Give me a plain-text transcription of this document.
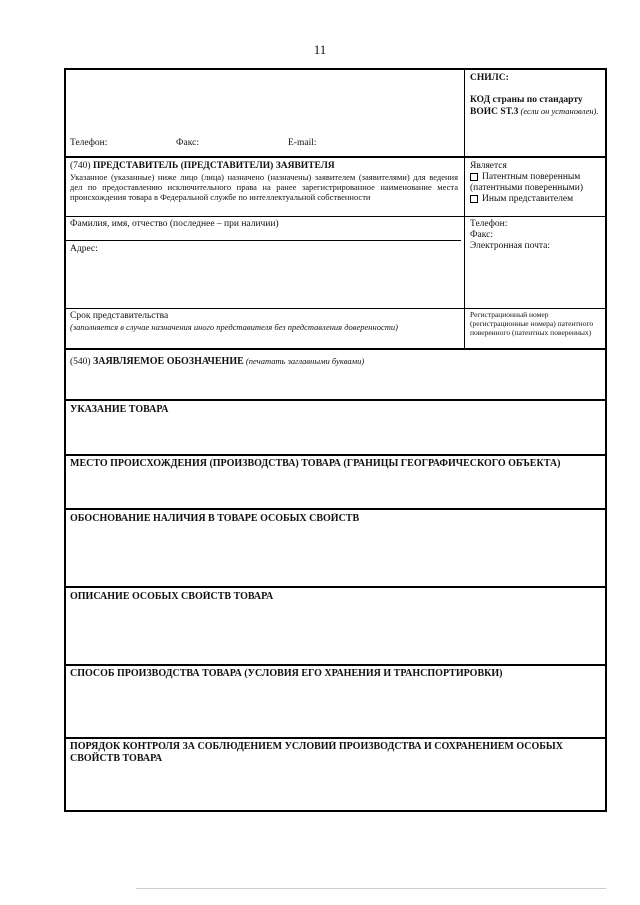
11
СНИЛС:
КОД страны по стандарту
ВОИС ST.3 (если он установлен).
Телефон:	Факс:	E-mail:
(740) ПРЕДСТАВИТЕЛЬ (ПРЕДСТАВИТЕЛИ) ЗАЯВИТЕЛЯ
Указанное (указанные) ниже лицо (лица) назначено (назначены) заявителем (заявителями) для ведения дел по предоставлению исключительного права на ранее зарегистрированное наименование места происхождения товара в Федеральной службе по интеллектуальной собственности
Является
Патентным поверенным (патентными поверенными)
Иным представителем
Фамилия, имя, отчество (последнее – при наличии)	Телефон:
Факс:
Электронная почта:
Адрес:
Срок представительства
(заполняется в случае назначения иного представителя без представления доверенности)
Регистрационный номер (регистрационные номера) патентного поверенного (патентных поверенных)
(540) ЗАЯВЛЯЕМОЕ ОБОЗНАЧЕНИЕ (печатать заглавными буквами)
УКАЗАНИЕ ТОВАРА
МЕСТО ПРОИСХОЖДЕНИЯ (ПРОИЗВОДСТВА) ТОВАРА (ГРАНИЦЫ ГЕОГРАФИЧЕСКОГО ОБЪЕКТА)
ОБОСНОВАНИЕ НАЛИЧИЯ В ТОВАРЕ ОСОБЫХ СВОЙСТВ
ОПИСАНИЕ ОСОБЫХ СВОЙСТВ ТОВАРА
СПОСОБ ПРОИЗВОДСТВА ТОВАРА (УСЛОВИЯ ЕГО ХРАНЕНИЯ И ТРАНСПОРТИРОВКИ)
ПОРЯДОК КОНТРОЛЯ ЗА СОБЛЮДЕНИЕМ УСЛОВИЙ ПРОИЗВОДСТВА И СОХРАНЕНИЕМ ОСОБЫХ СВОЙСТВ ТОВАРА
